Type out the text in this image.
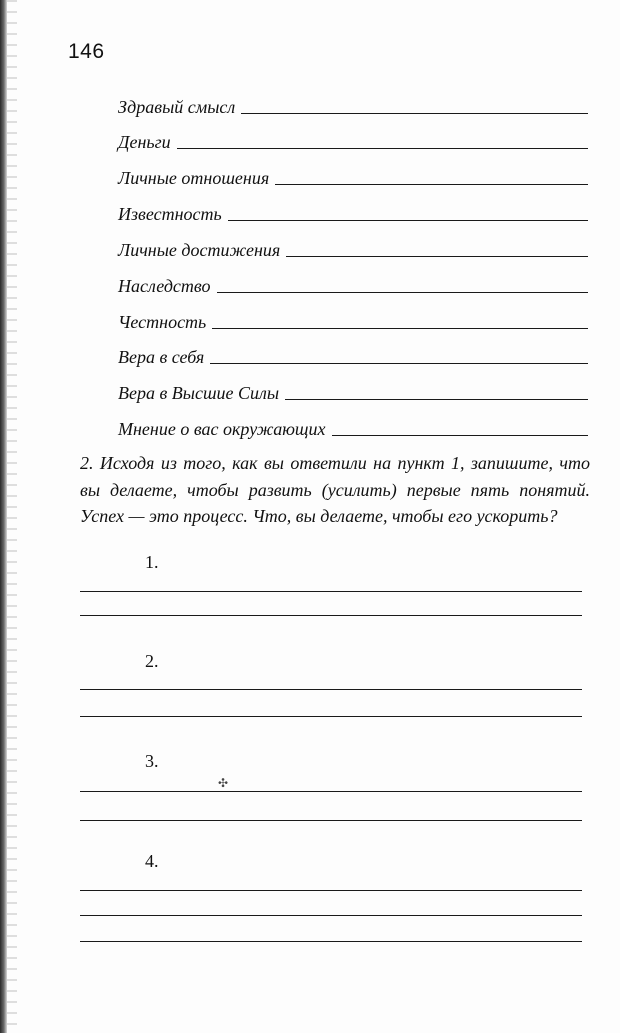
146
Здравый смысл
Деньги
Личные отношения
Известность
Личные достижения
Наследство
Честность
Вера в себя
Вера в Высшие Силы
Мнение о вас окружающих
2. Исходя из того, как вы ответили на пункт 1, запишите, что вы делаете, чтобы развить (усилить) первые пять понятий. Успех — это процесс. Что, вы делаете, чтобы его ускорить?
1.
2.
3.
✣
4.
